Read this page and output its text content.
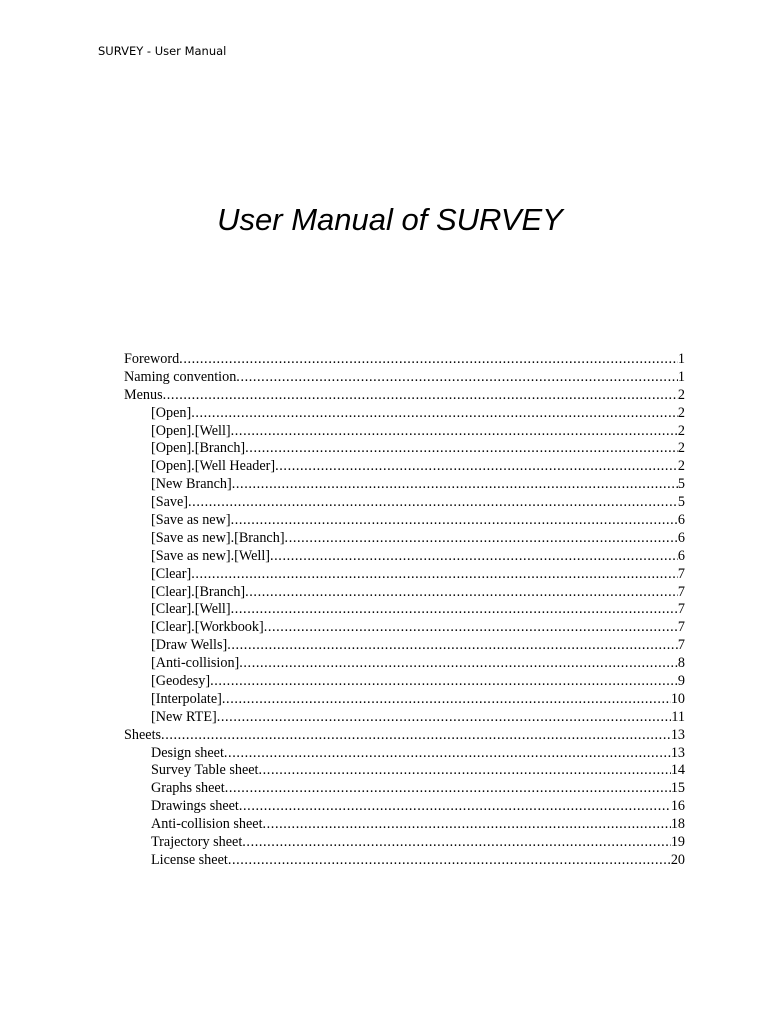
SURVEY - User Manual
User Manual of SURVEY
Foreword .....	1
Naming convention .....	1
Menus .....	2
[Open] .....	2
[Open].[Well] .....	2
[Open].[Branch] .....	2
[Open].[Well Header] .....	2
[New Branch] .....	5
[Save] .....	5
[Save as new] .....	6
[Save as new].[Branch] .....	6
[Save as new].[Well] .....	6
[Clear] .....	7
[Clear].[Branch] .....	7
[Clear].[Well] .....	7
[Clear].[Workbook] .....	7
[Draw Wells] .....	7
[Anti-collision] .....	8
[Geodesy] .....	9
[Interpolate] .....	10
[New RTE] .....	11
Sheets .....	13
Design sheet .....	13
Survey Table sheet .....	14
Graphs sheet .....	15
Drawings sheet .....	16
Anti-collision sheet .....	18
Trajectory sheet .....	19
License sheet .....	20
